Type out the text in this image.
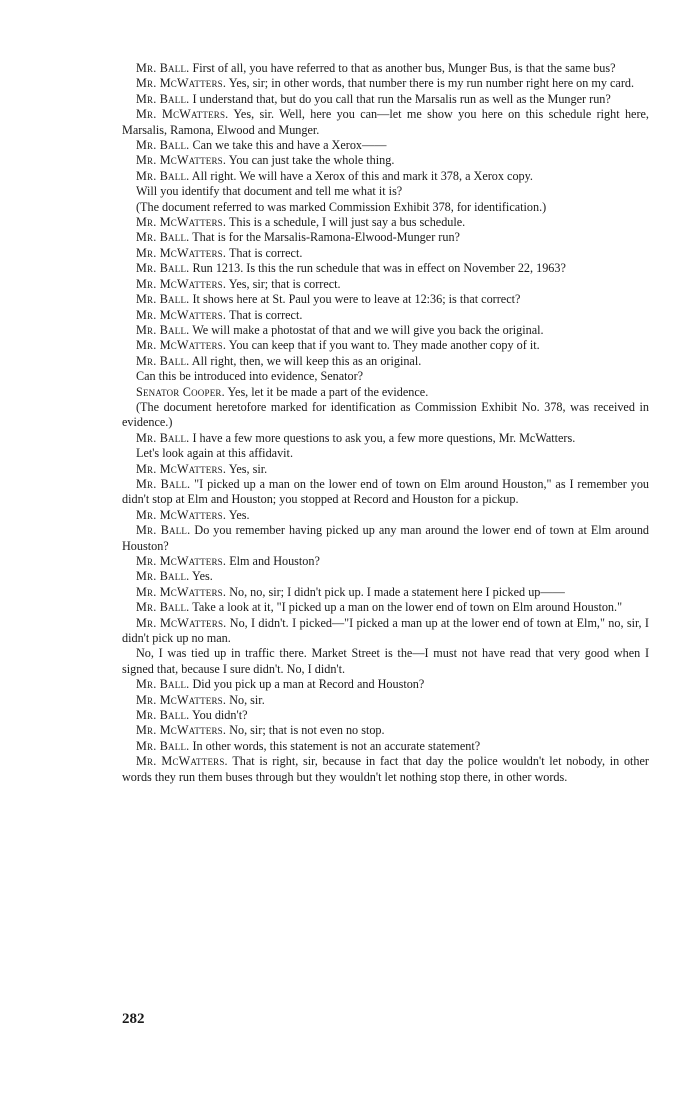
Mr. Ball. First of all, you have referred to that as another bus, Munger Bus, is that the same bus?

Mr. McWatters. Yes, sir; in other words, that number there is my run number right here on my card.

Mr. Ball. I understand that, but do you call that run the Marsalis run as well as the Munger run?

Mr. McWatters. Yes, sir. Well, here you can—let me show you here on this schedule right here, Marsalis, Ramona, Elwood and Munger.

Mr. Ball. Can we take this and have a Xerox——

Mr. McWatters. You can just take the whole thing.

Mr. Ball. All right. We will have a Xerox of this and mark it 378, a Xerox copy.

Will you identify that document and tell me what it is?

(The document referred to was marked Commission Exhibit 378, for identification.)

Mr. McWatters. This is a schedule, I will just say a bus schedule.

Mr. Ball. That is for the Marsalis-Ramona-Elwood-Munger run?

Mr. McWatters. That is correct.

Mr. Ball. Run 1213. Is this the run schedule that was in effect on November 22, 1963?

Mr. McWatters. Yes, sir; that is correct.

Mr. Ball. It shows here at St. Paul you were to leave at 12:36; is that correct?

Mr. McWatters. That is correct.

Mr. Ball. We will make a photostat of that and we will give you back the original.

Mr. McWatters. You can keep that if you want to. They made another copy of it.

Mr. Ball. All right, then, we will keep this as an original.

Can this be introduced into evidence, Senator?

Senator Cooper. Yes, let it be made a part of the evidence.

(The document heretofore marked for identification as Commission Exhibit No. 378, was received in evidence.)

Mr. Ball. I have a few more questions to ask you, a few more questions, Mr. McWatters.

Let's look again at this affidavit.

Mr. McWatters. Yes, sir.

Mr. Ball. "I picked up a man on the lower end of town on Elm around Houston," as I remember you didn't stop at Elm and Houston; you stopped at Record and Houston for a pickup.

Mr. McWatters. Yes.

Mr. Ball. Do you remember having picked up any man around the lower end of town at Elm around Houston?

Mr. McWatters. Elm and Houston?

Mr. Ball. Yes.

Mr. McWatters. No, no, sir; I didn't pick up. I made a statement here I picked up——

Mr. Ball. Take a look at it, "I picked up a man on the lower end of town on Elm around Houston."

Mr. McWatters. No, I didn't. I picked—"I picked a man up at the lower end of town at Elm," no, sir, I didn't pick up no man.

No, I was tied up in traffic there. Market Street is the—I must not have read that very good when I signed that, because I sure didn't. No, I didn't.

Mr. Ball. Did you pick up a man at Record and Houston?

Mr. McWatters. No, sir.

Mr. Ball. You didn't?

Mr. McWatters. No, sir; that is not even no stop.

Mr. Ball. In other words, this statement is not an accurate statement?

Mr. McWatters. That is right, sir, because in fact that day the police wouldn't let nobody, in other words they run them buses through but they wouldn't let nothing stop there, in other words.

282
